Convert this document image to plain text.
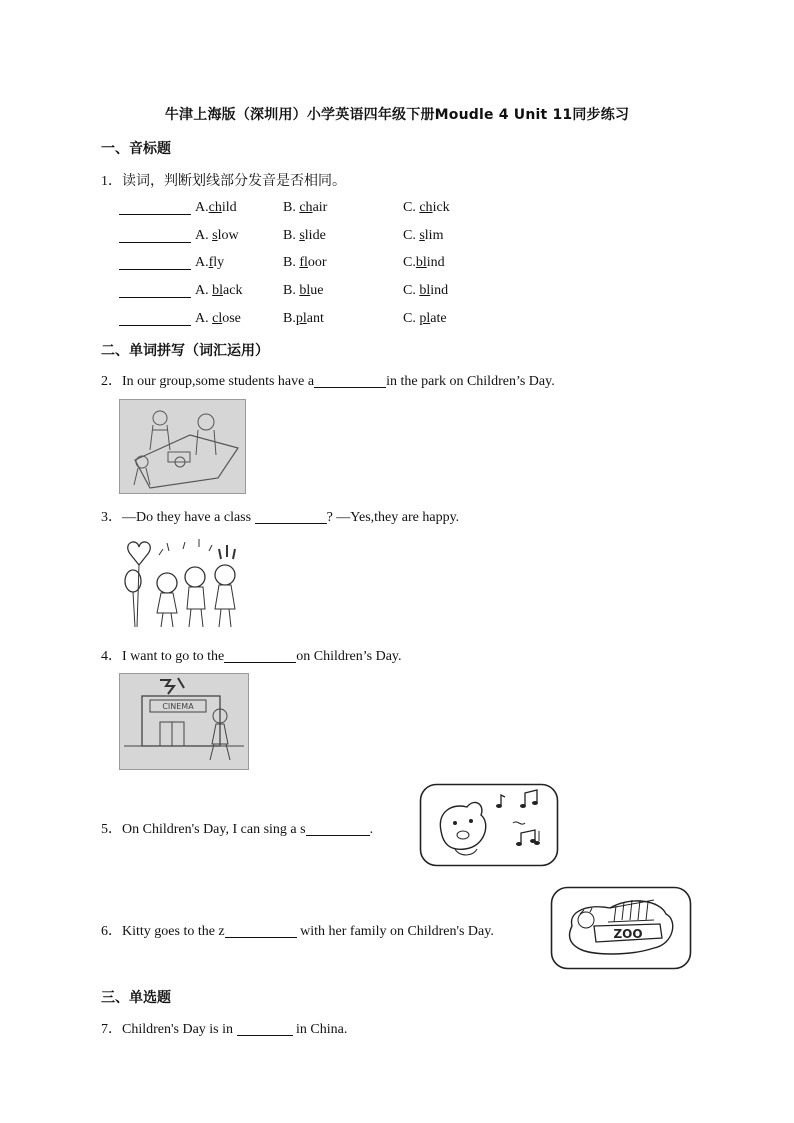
牛津上海版（深圳用）小学英语四年级下册Moudle 4 Unit 11同步练习
一、音标题
1．读词，判断划线部分发音是否相同。
A.child	B. chair	C. chick
A. slow	B. slide	C. slim
A.fly	B. floor	C.blind
A. black	B. blue	C. blind
A. close	B.plant	C. plate
二、单词拼写（词汇运用）
2．In our group,some students have a	in the park on Children’s Day.
3．—Do they have a class	? —Yes,they are happy.
4．I want to go to the	on Children’s Day.
CINEMA
5．On Children's Day, I can sing a s	.
6．Kitty goes to the z	with her family on Children's Day.	ZOO
三、单选题
7．Children's Day is in	in China.
